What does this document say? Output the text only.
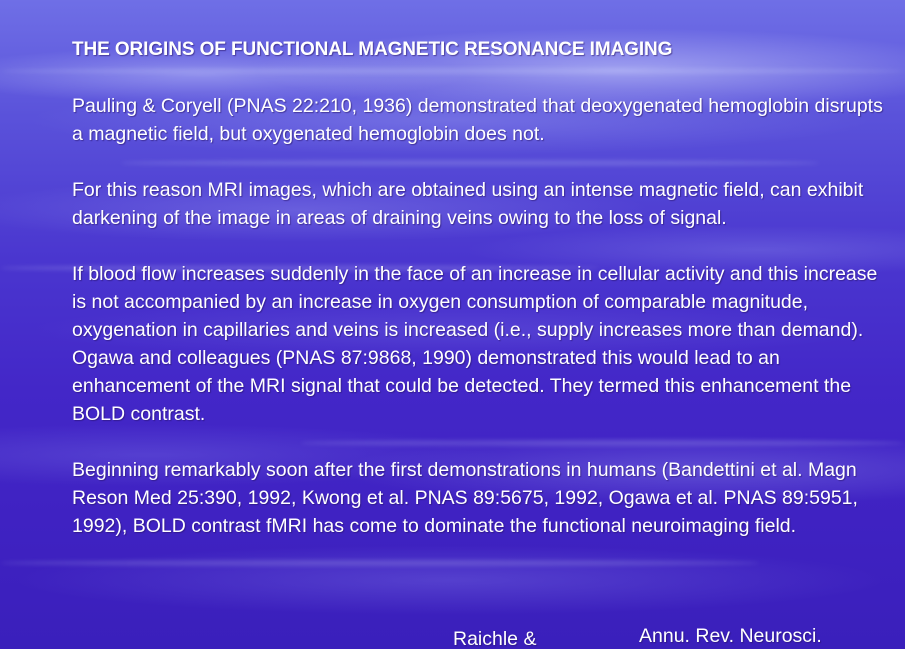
THE ORIGINS OF FUNCTIONAL MAGNETIC RESONANCE IMAGING
Pauling & Coryell (PNAS 22:210, 1936) demonstrated that deoxygenated hemoglobin disrupts a magnetic field, but oxygenated hemoglobin does not.
For this reason MRI images, which are obtained using an intense magnetic field, can exhibit darkening of the image in areas of draining veins owing to the loss of signal.
If blood flow increases suddenly in the face of an increase in cellular activity and this increase is not accompanied by an increase in oxygen consumption of comparable magnitude, oxygenation in capillaries and veins is increased (i.e., supply increases more than demand). Ogawa and colleagues (PNAS 87:9868, 1990) demonstrated this would lead to an enhancement of the MRI signal that could be detected. They termed this enhancement the BOLD contrast.
Beginning remarkably soon after the first demonstrations in humans (Bandettini et al. Magn Reson Med 25:390, 1992, Kwong et al. PNAS 89:5675, 1992, Ogawa et al. PNAS 89:5951, 1992), BOLD contrast fMRI has come to dominate the functional neuroimaging field.
Raichle &	Annu. Rev. Neurosci.
